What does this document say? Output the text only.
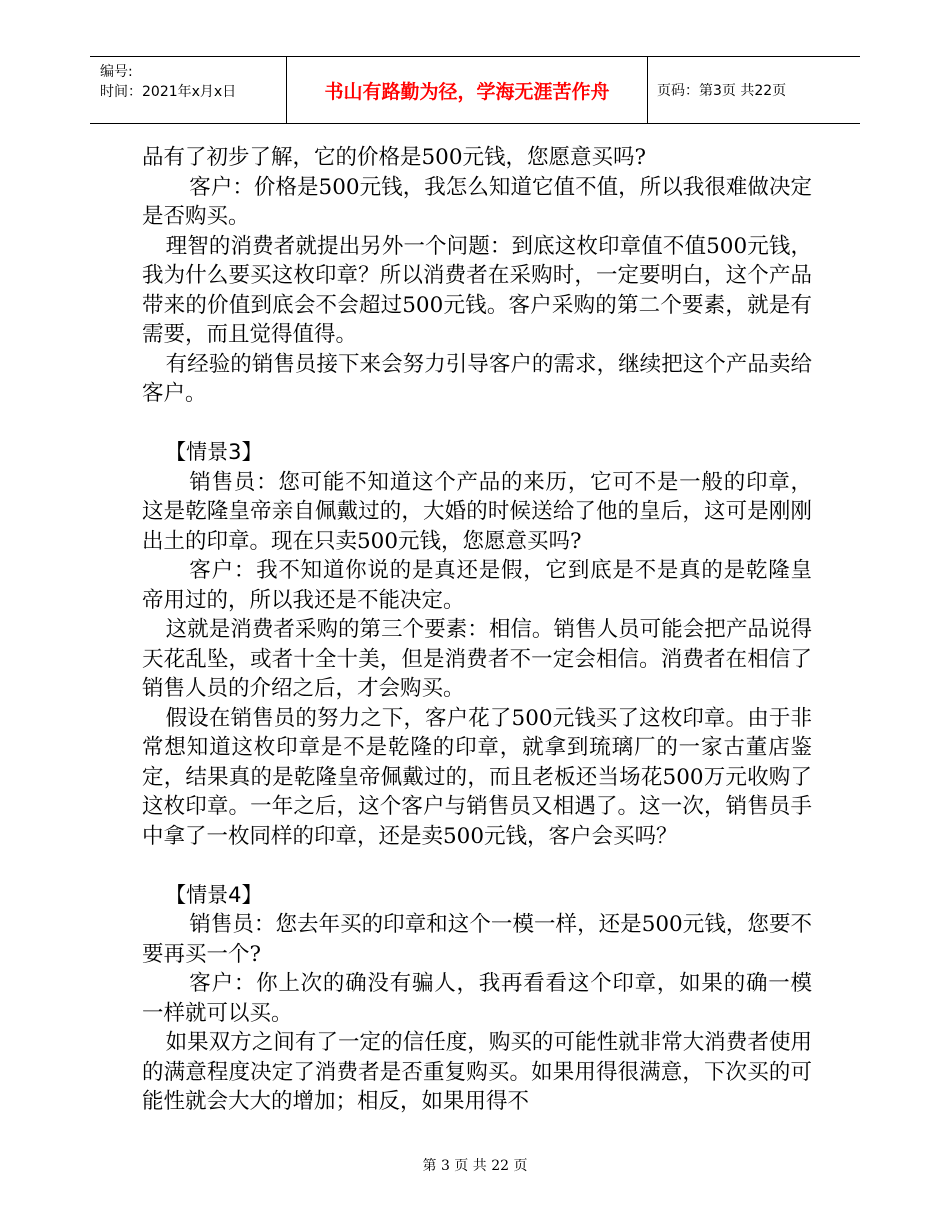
编号:
时间：2021年x月x日	书山有路勤为径，学海无涯苦作舟	页码：第3页 共22页

品有了初步了解，它的价格是500元钱，您愿意买吗?

客户：价格是500元钱，我怎么知道它值不值，所以我很难做决定是否购买。

理智的消费者就提出另外一个问题：到底这枚印章值不值500元钱，我为什么要买这枚印章？所以消费者在采购时，一定要明白，这个产品带来的价值到底会不会超过500元钱。客户采购的第二个要素，就是有需要，而且觉得值得。

有经验的销售员接下来会努力引导客户的需求，继续把这个产品卖给客户。

【情景3】

销售员：您可能不知道这个产品的来历，它可不是一般的印章，这是乾隆皇帝亲自佩戴过的，大婚的时候送给了他的皇后，这可是刚刚出土的印章。现在只卖500元钱，您愿意买吗?

客户：我不知道你说的是真还是假，它到底是不是真的是乾隆皇帝用过的，所以我还是不能决定。

这就是消费者采购的第三个要素：相信。销售人员可能会把产品说得天花乱坠，或者十全十美，但是消费者不一定会相信。消费者在相信了销售人员的介绍之后，才会购买。

假设在销售员的努力之下，客户花了500元钱买了这枚印章。由于非常想知道这枚印章是不是乾隆的印章，就拿到琉璃厂的一家古董店鉴定，结果真的是乾隆皇帝佩戴过的，而且老板还当场花500万元收购了这枚印章。一年之后，这个客户与销售员又相遇了。这一次，销售员手中拿了一枚同样的印章，还是卖500元钱，客户会买吗？

【情景4】

销售员：您去年买的印章和这个一模一样，还是500元钱，您要不要再买一个?

客户：你上次的确没有骗人，我再看看这个印章，如果的确一模一样就可以买。

如果双方之间有了一定的信任度，购买的可能性就非常大消费者使用的满意程度决定了消费者是否重复购买。如果用得很满意，下次买的可能性就会大大的增加；相反，如果用得不

第 3 页 共 22 页
